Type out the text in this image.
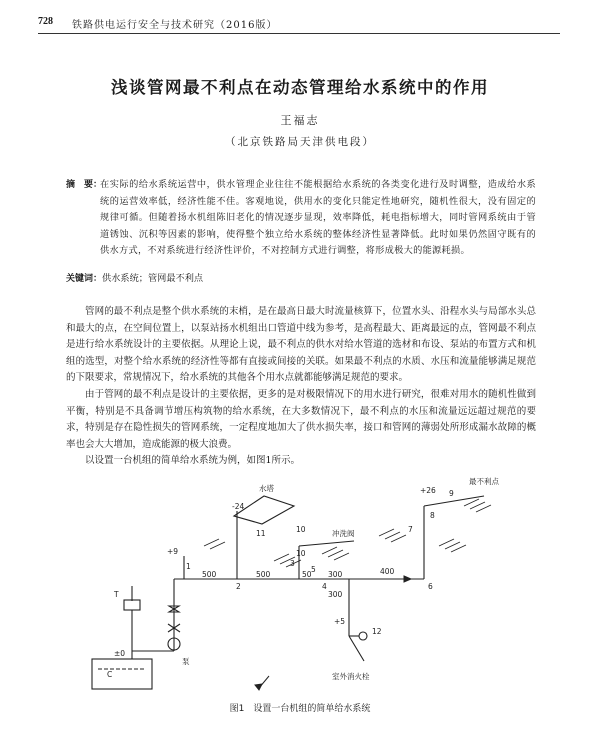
728 铁路供电运行安全与技术研究（2016版）
浅谈管网最不利点在动态管理给水系统中的作用
王福志
（北京铁路局天津供电段）
摘　要：
在实际的给水系统运营中，供水管理企业往往不能根据给水系统的各类变化进行及时调整，造成给水系统的运营效率低，经济性能不佳。客观地说，供用水的变化只能定性地研究，随机性很大，没有固定的规律可循。但随着扬水机组陈旧老化的情况逐步显现，效率降低，耗电指标增大，同时管网系统由于管道锈蚀、沉积等因素的影响，使得整个独立给水系统的整体经济性显著降低。此时如果仍然固守既有的供水方式，不对系统进行经济性评价，不对控制方式进行调整，将形成极大的能源耗损。
关键词：供水系统；管网最不利点

管网的最不利点是整个供水系统的末梢，是在最高日最大时流量核算下，位置水头、沿程水头与局部水头总和最大的点，在空间位置上，以泵站扬水机组出口管道中线为参考，是高程最大、距离最远的点，管网最不利点是进行给水系统设计的主要依据。从理论上说，最不利点的供水对给水管道的选材和布设、泵站的布置方式和机组的选型，对整个给水系统的经济性等都有直接或间接的关联。如果最不利点的水质、水压和流量能够满足规范的下限要求，常规情况下，给水系统的其他各个用水点就都能够满足规范的要求。

由于管网的最不利点是设计的主要依据，更多的是对极限情况下的用水进行研究，很难对用水的随机性做到平衡，特别是不具备调节增压构筑物的给水系统，在大多数情况下，最不利点的水压和流量远远超过规范的要求，特别是存在隐性损失的管网系统，一定程度地加大了供水损失率，接口和管网的薄弱处所形成漏水故障的概率也会大大增加，造成能源的极大浪费。

以设置一台机组的简单给水系统为例，如图1所示。

水塔
最不利点
冲洗阀
室外消火栓
泵
T
C
±0
-24
+9
+26
+5
1
2
3
4
5
6
7
8
9
10
10
11
12
500	500	50 300
300
400
图1　设置一台机组的简单给水系统
